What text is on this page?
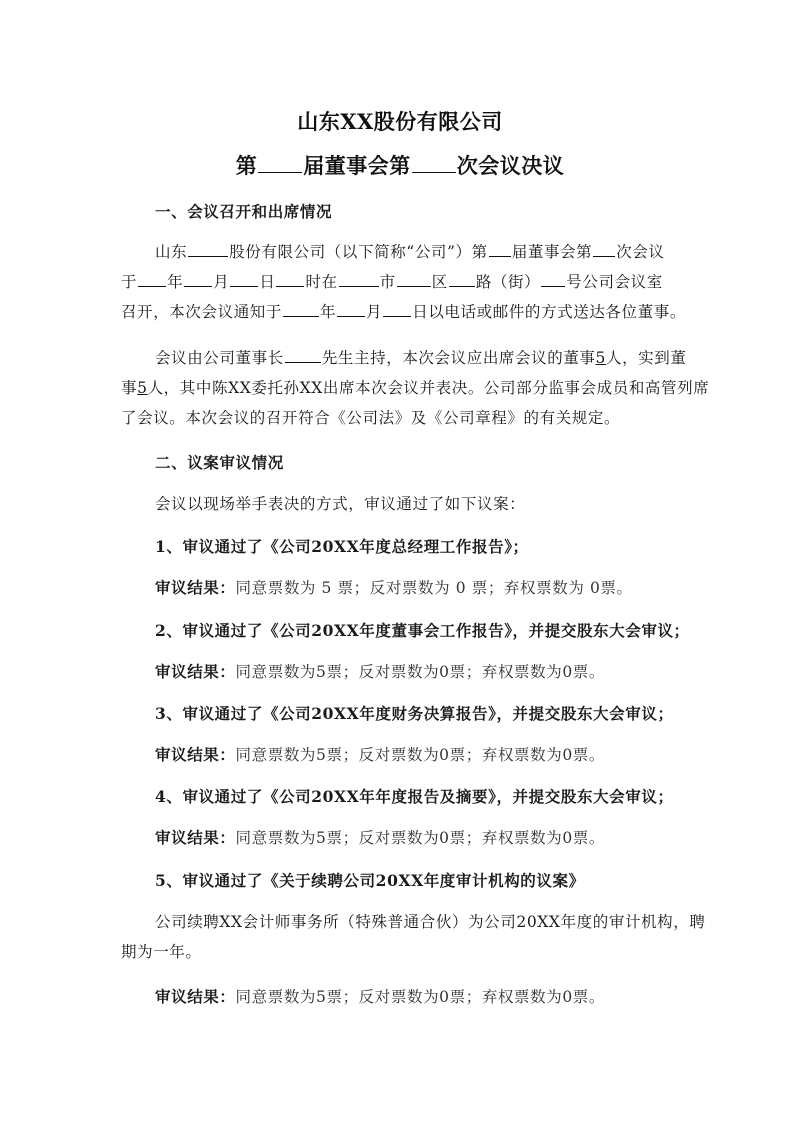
山东XX股份有限公司
第 届董事会第 次会议决议
一、会议召开和出席情况
山东	股份有限公司（以下简称“公司”）第 届董事会第 次会议
于 年 月 日 时在	市 区 路（街） 号公司会议室
召开，本次会议通知于 年 月 日以电话或邮件的方式送达各位董事。
会议由公司董事长 先生主持，本次会议应出席会议的董事5人，实到董
事5人，其中陈XX委托孙XX出席本次会议并表决。公司部分监事会成员和高管列席
了会议。本次会议的召开符合《公司法》及《公司章程》的有关规定。
二、议案审议情况
会议以现场举手表决的方式，审议通过了如下议案：
1、审议通过了《公司20XX年度总经理工作报告》；
审议结果：同意票数为 5 票；反对票数为 0 票；弃权票数为 0票。
2、审议通过了《公司20XX年度董事会工作报告》，并提交股东大会审议；
审议结果：同意票数为5票；反对票数为0票；弃权票数为0票。
3、审议通过了《公司20XX年度财务决算报告》，并提交股东大会审议；
审议结果：同意票数为5票；反对票数为0票；弃权票数为0票。
4、审议通过了《公司20XX年年度报告及摘要》，并提交股东大会审议；
审议结果：同意票数为5票；反对票数为0票；弃权票数为0票。
5、审议通过了《关于续聘公司20XX年度审计机构的议案》
公司续聘XX会计师事务所（特殊普通合伙）为公司20XX年度的审计机构，聘
期为一年。
审议结果：同意票数为5票；反对票数为0票；弃权票数为0票。
